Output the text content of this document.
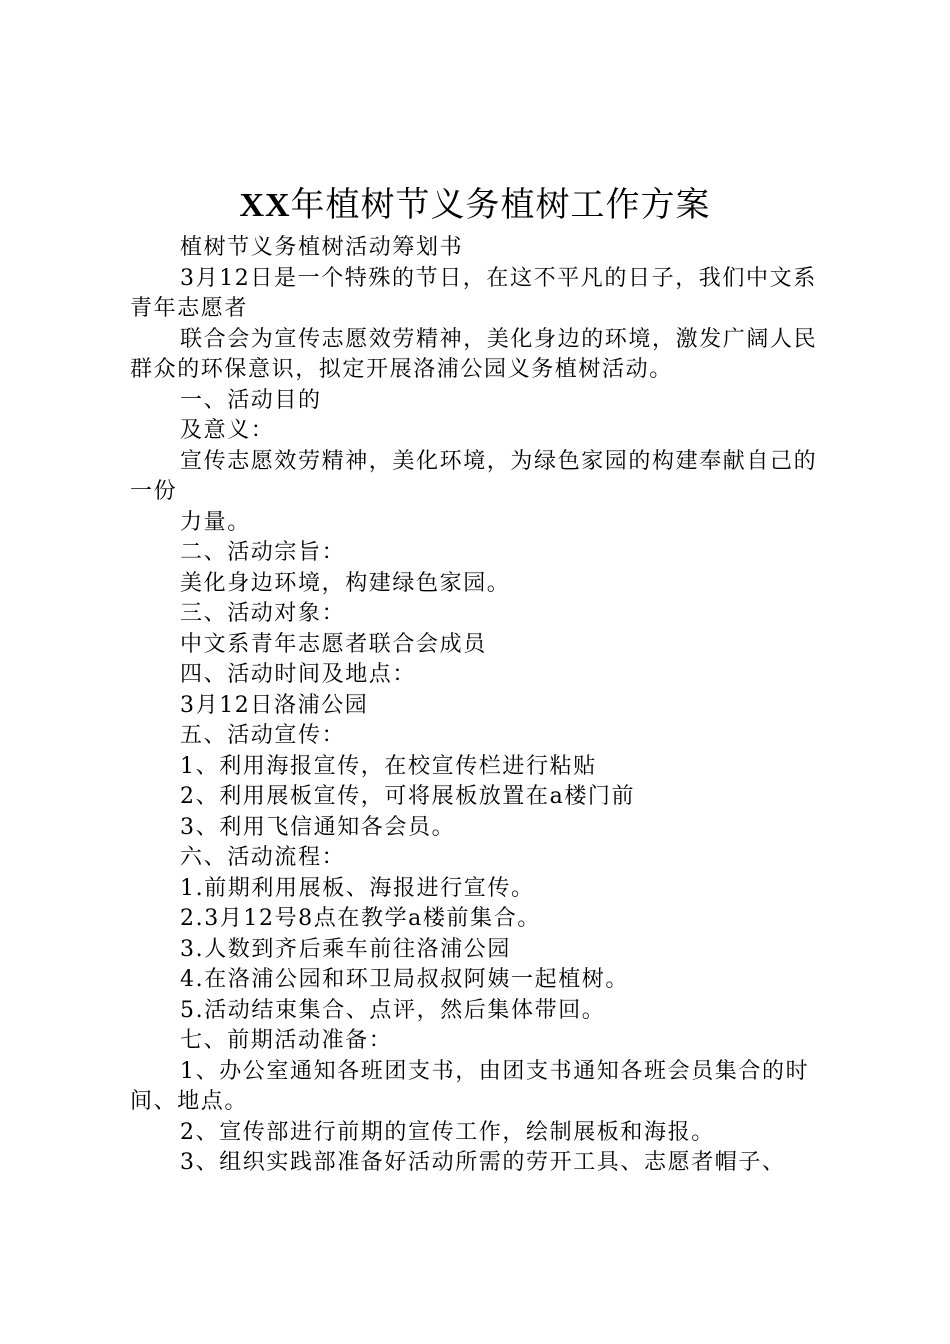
XX年植树节义务植树工作方案

植树节义务植树活动筹划书

3月12日是一个特殊的节日，在这不平凡的日子，我们中文系青年志愿者

联合会为宣传志愿效劳精神，美化身边的环境，激发广阔人民群众的环保意识，拟定开展洛浦公园义务植树活动。

一、活动目的

及意义：

宣传志愿效劳精神，美化环境，为绿色家园的构建奉献自己的一份

力量。

二、活动宗旨：

美化身边环境，构建绿色家园。

三、活动对象：

中文系青年志愿者联合会成员

四、活动时间及地点：

3月12日洛浦公园

五、活动宣传：

1、利用海报宣传，在校宣传栏进行粘贴

2、利用展板宣传，可将展板放置在a楼门前

3、利用飞信通知各会员。

六、活动流程：

1.前期利用展板、海报进行宣传。

2.3月12号8点在教学a楼前集合。

3.人数到齐后乘车前往洛浦公园

4.在洛浦公园和环卫局叔叔阿姨一起植树。

5.活动结束集合、点评，然后集体带回。

七、前期活动准备：

1、办公室通知各班团支书，由团支书通知各班会员集合的时间、地点。

2、宣传部进行前期的宣传工作，绘制展板和海报。

3、组织实践部准备好活动所需的劳开工具、志愿者帽子、
